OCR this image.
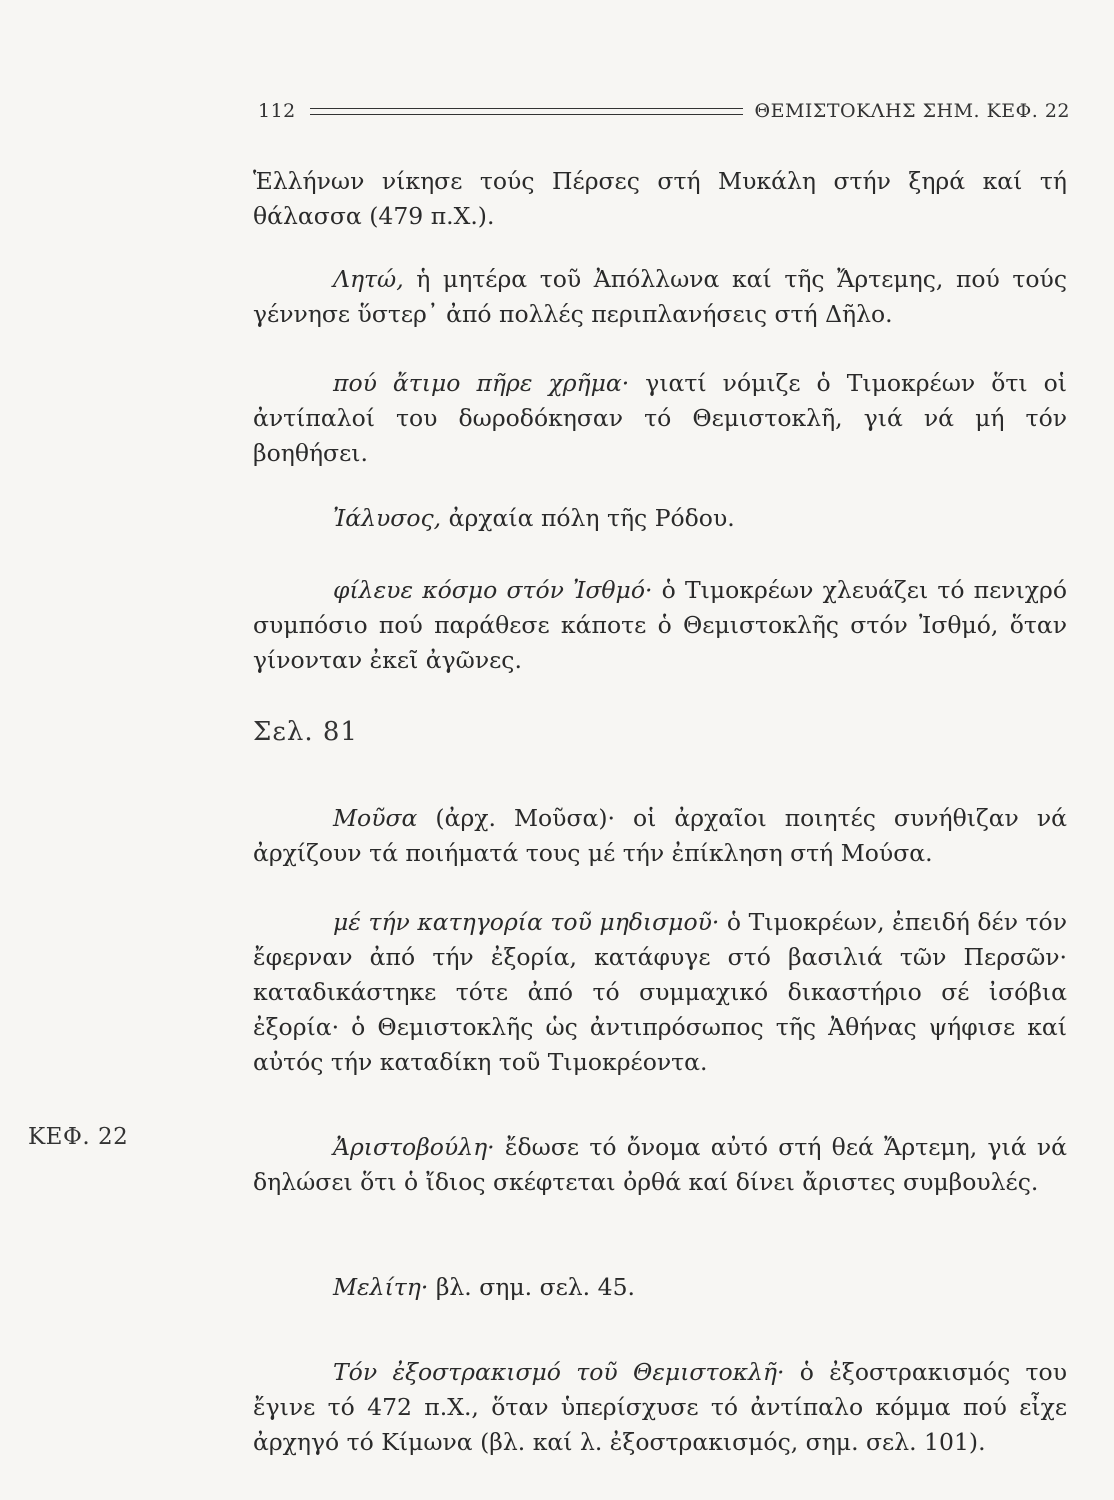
112	ΘΕΜΙΣΤΟΚΛΗΣ ΣΗΜ. ΚΕΦ. 22

Ἑλλήνων νίκησε τούς Πέρσες στή Μυκάλη στήν ξηρά καί τή θάλασσα (479 π.Χ.).

Λητώ, ἡ μητέρα τοῦ Ἀπόλλωνα καί τῆς Ἄρτεμης, πού τούς γέννησε ὕστερ᾽ ἀπό πολλές περιπλανήσεις στή Δῆλο.

πού ἄτιμο πῆρε χρῆμα· γιατί νόμιζε ὁ Τιμοκρέων ὅτι οἱ ἀντίπαλοί του δωροδόκησαν τό Θεμιστοκλῆ, γιά νά μή τόν βοηθήσει.

Ἰάλυσος, ἀρχαία πόλη τῆς Ρόδου.

φίλευε κόσμο στόν Ἰσθμό· ὁ Τιμοκρέων χλευάζει τό πενιχρό συμπόσιο πού παράθεσε κάποτε ὁ Θεμιστοκλῆς στόν Ἰσθμό, ὅταν γίνονταν ἐκεῖ ἀγῶνες.

Σελ. 81

Μοῦσα (ἀρχ. Μοῦσα)· οἱ ἀρχαῖοι ποιητές συνήθιζαν νά ἀρχίζουν τά ποιήματά τους μέ τήν ἐπίκληση στή Μούσα.

μέ τήν κατηγορία τοῦ μηδισμοῦ· ὁ Τιμοκρέων, ἐπειδή δέν τόν ἔφερναν ἀπό τήν ἐξορία, κατάφυγε στό βασιλιά τῶν Περσῶν· καταδικάστηκε τότε ἀπό τό συμμαχικό δικαστήριο σέ ἰσόβια ἐξορία· ὁ Θεμιστοκλῆς ὡς ἀντιπρόσωπος τῆς Ἀθήνας ψήφισε καί αὐτός τήν καταδίκη τοῦ Τιμοκρέοντα.

ΚΕΦ. 22	Ἀριστοβούλη· ἔδωσε τό ὄνομα αὐτό στή θεά Ἄρτεμη, γιά νά δηλώσει ὅτι ὁ ἴδιος σκέφτεται ὀρθά καί δίνει ἄριστες συμβουλές.

Μελίτη· βλ. σημ. σελ. 45.

Τόν ἐξοστρακισμό τοῦ Θεμιστοκλῆ· ὁ ἐξοστρακισμός του ἔγινε τό 472 π.Χ., ὅταν ὑπερίσχυσε τό ἀντίπαλο κόμμα πού εἶχε ἀρχηγό τό Κίμωνα (βλ. καί λ. ἐξοστρακισμός, σημ. σελ. 101).
